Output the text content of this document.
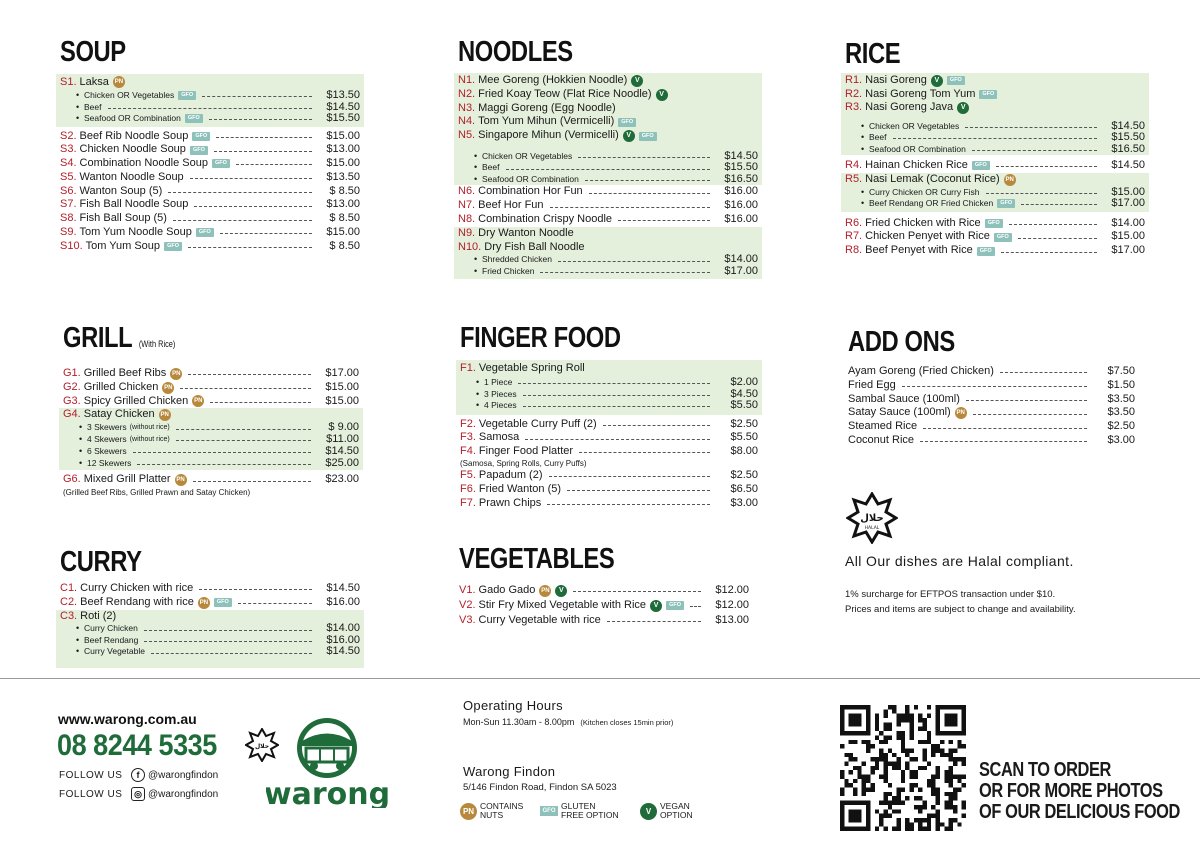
SOUP
S1. Laksa PN
• Chicken OR Vegetables	GFO	$13.50
• Beef	$14.50
• Seafood OR Combination	GFO	$15.50
S2. Beef Rib Noodle Soup	GFO	$15.00
S3. Chicken Noodle Soup	GFO	$13.00
S4. Combination Noodle Soup	GFO	$15.00
S5. Wanton Noodle Soup	$13.50
S6. Wanton Soup (5)	$ 8.50
S7. Fish Ball Noodle Soup	$13.00
S8. Fish Ball Soup (5)	$ 8.50
S9. Tom Yum Noodle Soup	GFO	$15.00
S10. Tom Yum Soup	GFO	$ 8.50
NOODLES
N1. Mee Goreng (Hokkien Noodle)	V
N2. Fried Koay Teow (Flat Rice Noodle)	V
N3. Maggi Goreng (Egg Noodle)
N4. Tom Yum Mihun (Vermicelli)	GFO
N5. Singapore Mihun (Vermicelli)	V	GFO
• Chicken OR Vegetables	$14.50
• Beef	$15.50
• Seafood OR Combination	$16.50
N6. Combination Hor Fun	$16.00
N7. Beef Hor Fun	$16.00
N8. Combination Crispy Noodle	$16.00
N9. Dry Wanton Noodle
N10. Dry Fish Ball Noodle
• Shredded Chicken	$14.00
• Fried Chicken	$17.00
RICE
R1. Nasi Goreng	V	GFO
R2. Nasi Goreng Tom Yum	GFO
R3. Nasi Goreng Java	V
• Chicken OR Vegetables	$14.50
• Beef	$15.50
• Seafood OR Combination	$16.50
R4. Hainan Chicken Rice	GFO	$14.50
R5. Nasi Lemak (Coconut Rice) PN
• Curry Chicken OR Curry Fish	$15.00
• Beef Rendang OR Fried Chicken	GFO	$17.00
R6. Fried Chicken with Rice	GFO	$14.00
R7. Chicken Penyet with Rice	GFO	$15.00
R8. Beef Penyet with Rice	GFO	$17.00
GRILL (With Rice)
G1. Grilled Beef Ribs PN	$17.00
G2. Grilled Chicken PN	$15.00
G3. Spicy Grilled Chicken PN	$15.00
G4. Satay Chicken PN
• 3 Skewers (without rice)	$ 9.00
• 4 Skewers (without rice)	$11.00
• 6 Skewers	$14.50
• 12 Skewers	$25.00
G6. Mixed Grill Platter PN	$23.00
(Grilled Beef Ribs, Grilled Prawn and Satay Chicken)
FINGER FOOD
F1. Vegetable Spring Roll
• 1 Piece	$2.00
• 3 Pieces	$4.50
• 4 Pieces	$5.50
F2. Vegetable Curry Puff (2)	$2.50
F3. Samosa	$5.50
F4. Finger Food Platter	$8.00
(Samosa, Spring Rolls, Curry Puffs)
F5. Papadum (2)	$2.50
F6. Fried Wanton (5)	$6.50
F7. Prawn Chips	$3.00
ADD ONS
Ayam Goreng (Fried Chicken)	$7.50
Fried Egg	$1.50
Sambal Sauce (100ml)	$3.50
Satay Sauce (100ml) PN	$3.50
Steamed Rice	$2.50
Coconut Rice	$3.00
CURRY
C1. Curry Chicken with rice	$14.50
C2. Beef Rendang with rice PN	GFO	$16.00
C3. Roti (2)
• Curry Chicken	$14.00
• Beef Rendang	$16.00
• Curry Vegetable	$14.50
VEGETABLES
V1. Gado Gado PN	V	$12.00
V2. Stir Fry Mixed Vegetable with Rice	V	GFO	$12.00
V3. Curry Vegetable with rice	$13.00
حلال
HALAL
All Our dishes are Halal compliant.
1% surcharge for EFTPOS transaction under $10.
Prices and items are subject to change and availability.
www.warong.com.au
08 8244 5335
FOLLOW US	f @warongfindon
FOLLOW US	◎ @warongfindon
حلال
warong
Operating Hours
Mon-Sun 11.30am - 8.00pm (Kitchen closes 15min prior)
Warong Findon
5/146 Findon Road, Findon SA 5023
PN CONTAINS
NUTS	GFO GLUTEN
FREE OPTION	V	VEGAN
OPTION
SCAN TO ORDER
OR FOR MORE PHOTOS
OF OUR DELICIOUS FOOD
